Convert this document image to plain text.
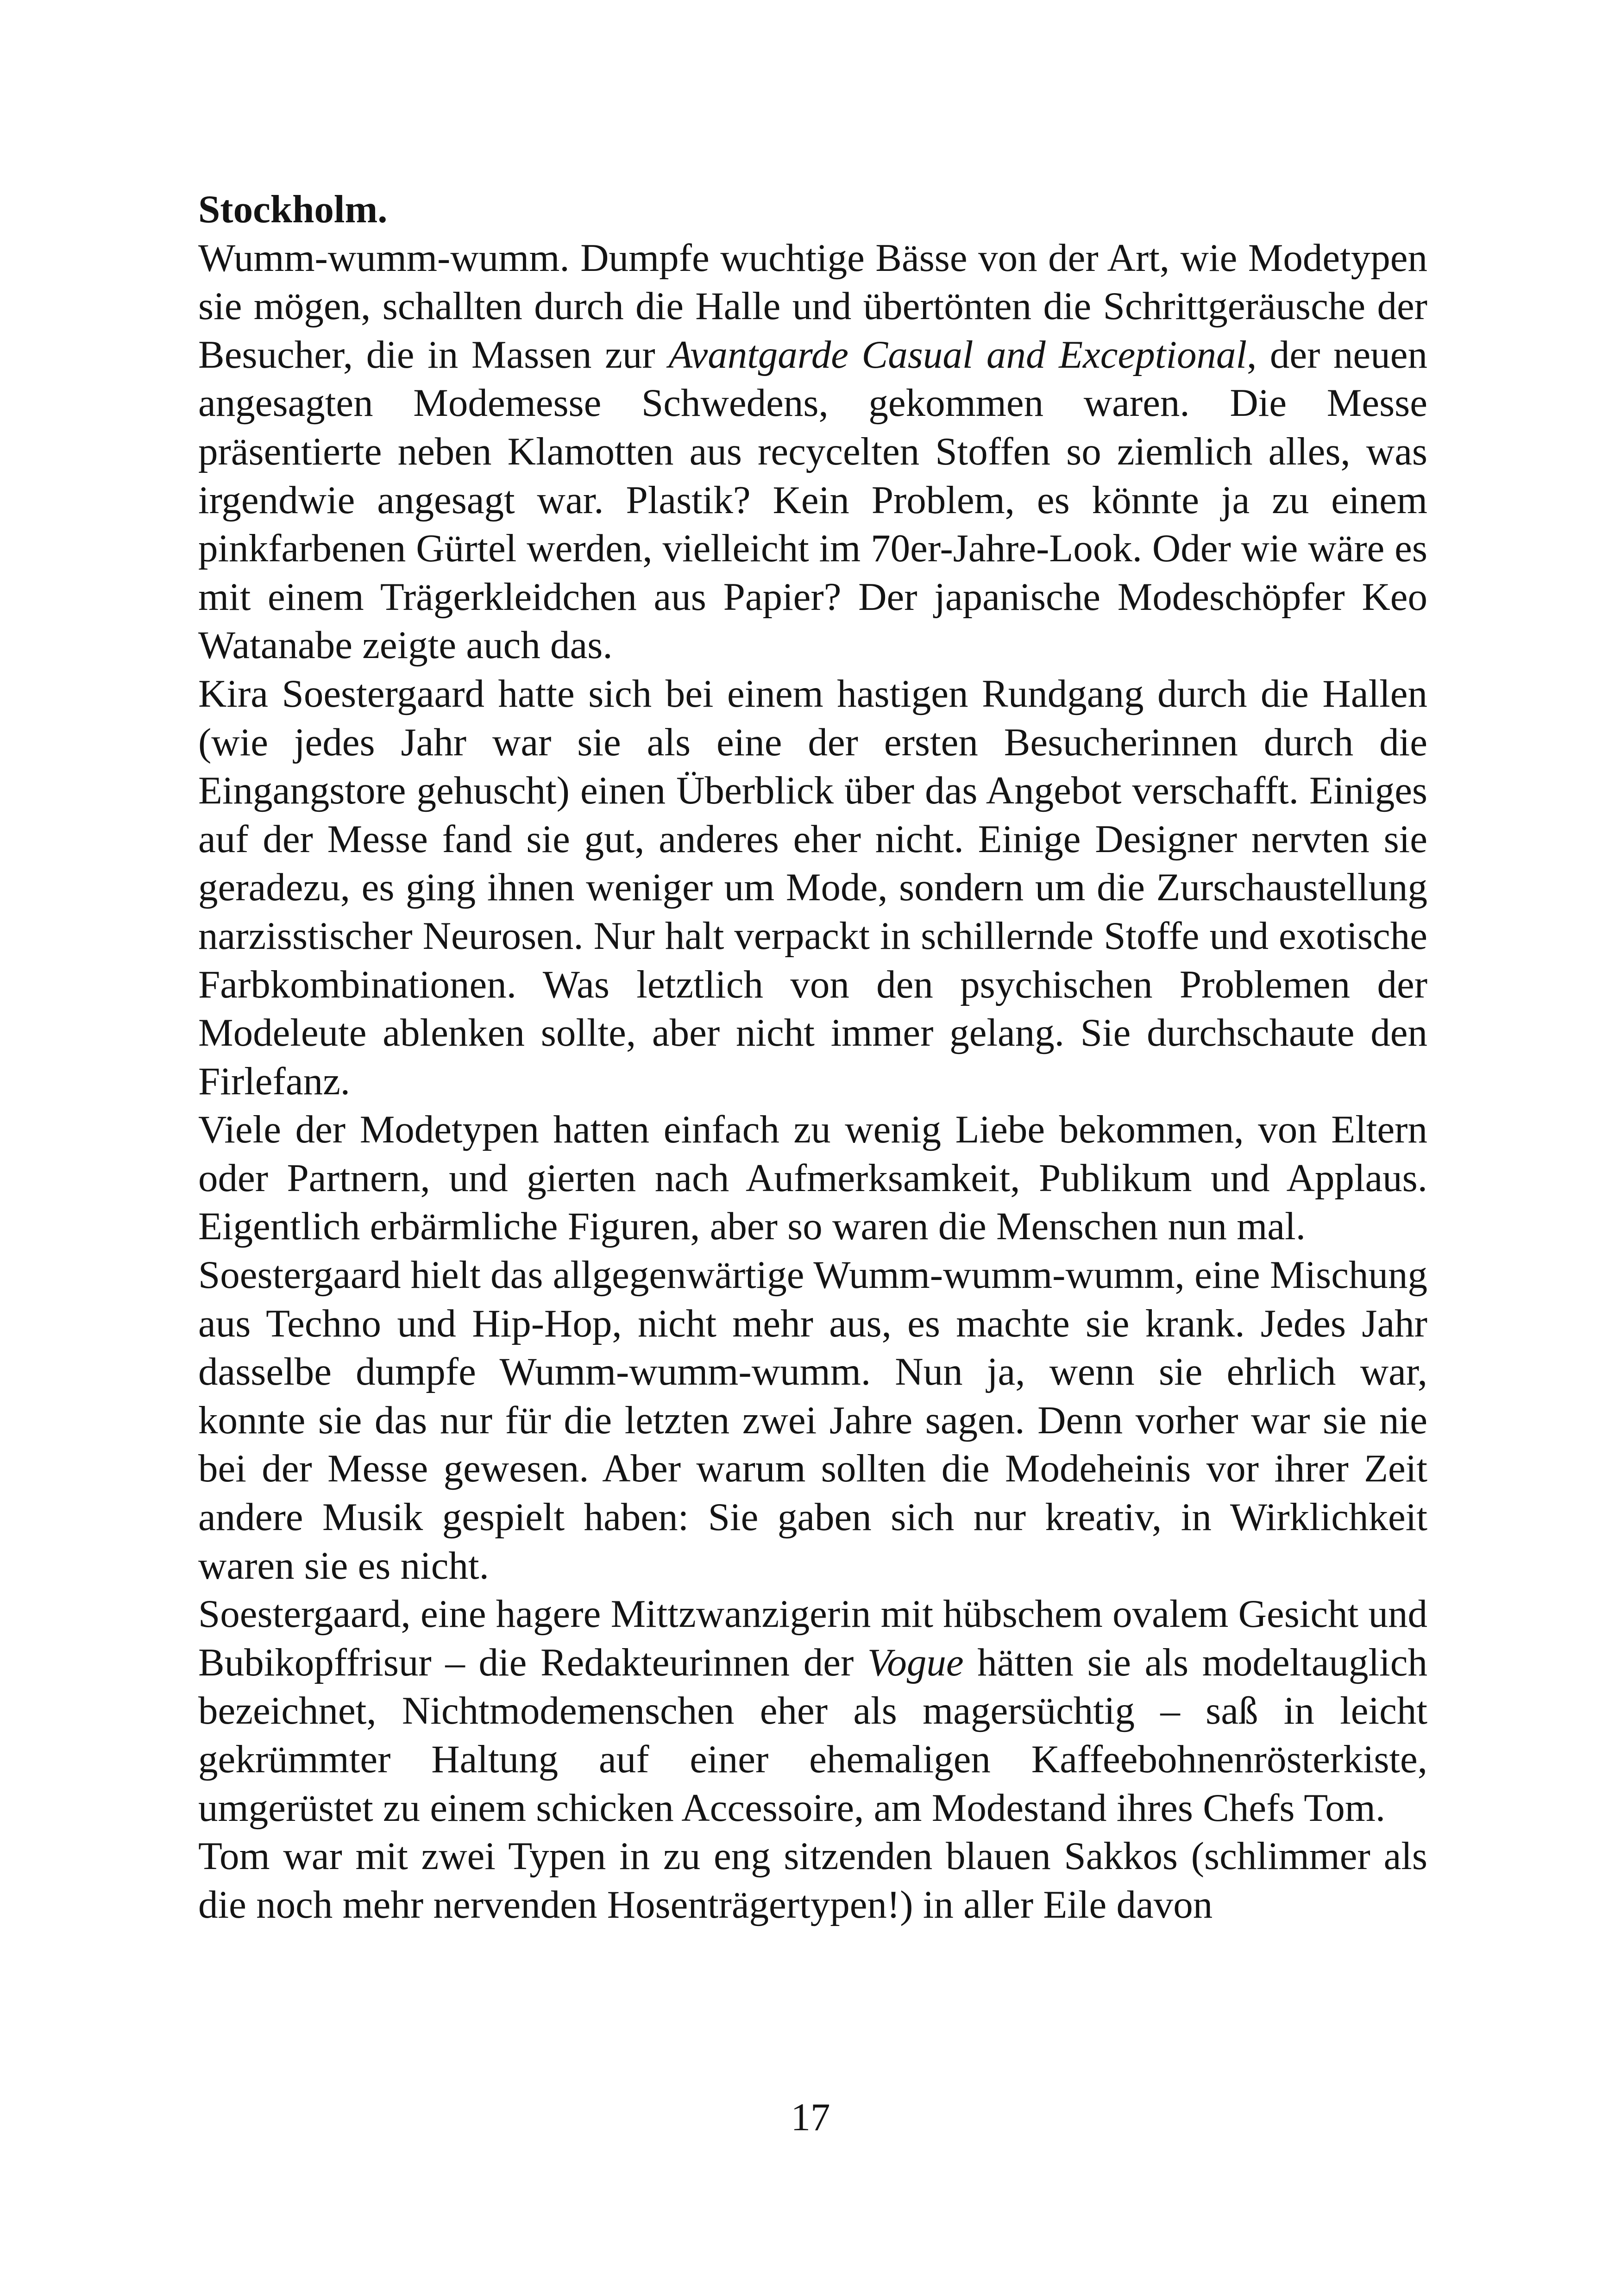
Stockholm.

Wumm-wumm-wumm. Dumpfe wuchtige Bässe von der Art, wie Modetypen sie mögen, schallten durch die Halle und übertönten die Schrittgeräusche der Besucher, die in Massen zur Avantgarde Casual and Exceptional, der neuen angesagten Modemesse Schwedens, gekommen waren. Die Messe präsentierte neben Klamotten aus recycelten Stoffen so ziemlich alles, was irgendwie angesagt war. Plastik? Kein Problem, es könnte ja zu einem pinkfarbenen Gürtel werden, vielleicht im 70er-Jahre-Look. Oder wie wäre es mit einem Trägerkleidchen aus Papier? Der japanische Modeschöpfer Keo Watanabe zeigte auch das.

Kira Soestergaard hatte sich bei einem hastigen Rundgang durch die Hallen (wie jedes Jahr war sie als eine der ersten Besucherinnen durch die Eingangstore gehuscht) einen Überblick über das Angebot verschafft. Einiges auf der Messe fand sie gut, anderes eher nicht. Einige Designer nervten sie geradezu, es ging ihnen weniger um Mode, sondern um die Zurschaustellung narzisstischer Neurosen. Nur halt verpackt in schillernde Stoffe und exotische Farbkombinationen. Was letztlich von den psychischen Problemen der Modeleute ablenken sollte, aber nicht immer gelang. Sie durchschaute den Firlefanz.

Viele der Modetypen hatten einfach zu wenig Liebe bekommen, von Eltern oder Partnern, und gierten nach Aufmerksamkeit, Publikum und Applaus. Eigentlich erbärmliche Figuren, aber so waren die Menschen nun mal.

Soestergaard hielt das allgegenwärtige Wumm-wumm-wumm, eine Mischung aus Techno und Hip-Hop, nicht mehr aus, es machte sie krank. Jedes Jahr dasselbe dumpfe Wumm-wumm-wumm. Nun ja, wenn sie ehrlich war, konnte sie das nur für die letzten zwei Jahre sagen. Denn vorher war sie nie bei der Messe gewesen. Aber warum sollten die Modeheinis vor ihrer Zeit andere Musik gespielt haben: Sie gaben sich nur kreativ, in Wirklichkeit waren sie es nicht.

Soestergaard, eine hagere Mittzwanzigerin mit hübschem ovalem Gesicht und Bubikopffrisur – die Redakteurinnen der Vogue hätten sie als modeltauglich bezeichnet, Nichtmodemenschen eher als magersüchtig – saß in leicht gekrümmter Haltung auf einer ehemaligen Kaffeebohnenrösterkiste, umgerüstet zu einem schicken Accessoire, am Modestand ihres Chefs Tom.

Tom war mit zwei Typen in zu eng sitzenden blauen Sakkos (schlimmer als die noch mehr nervenden Hosenträgertypen!) in aller Eile davon

17
